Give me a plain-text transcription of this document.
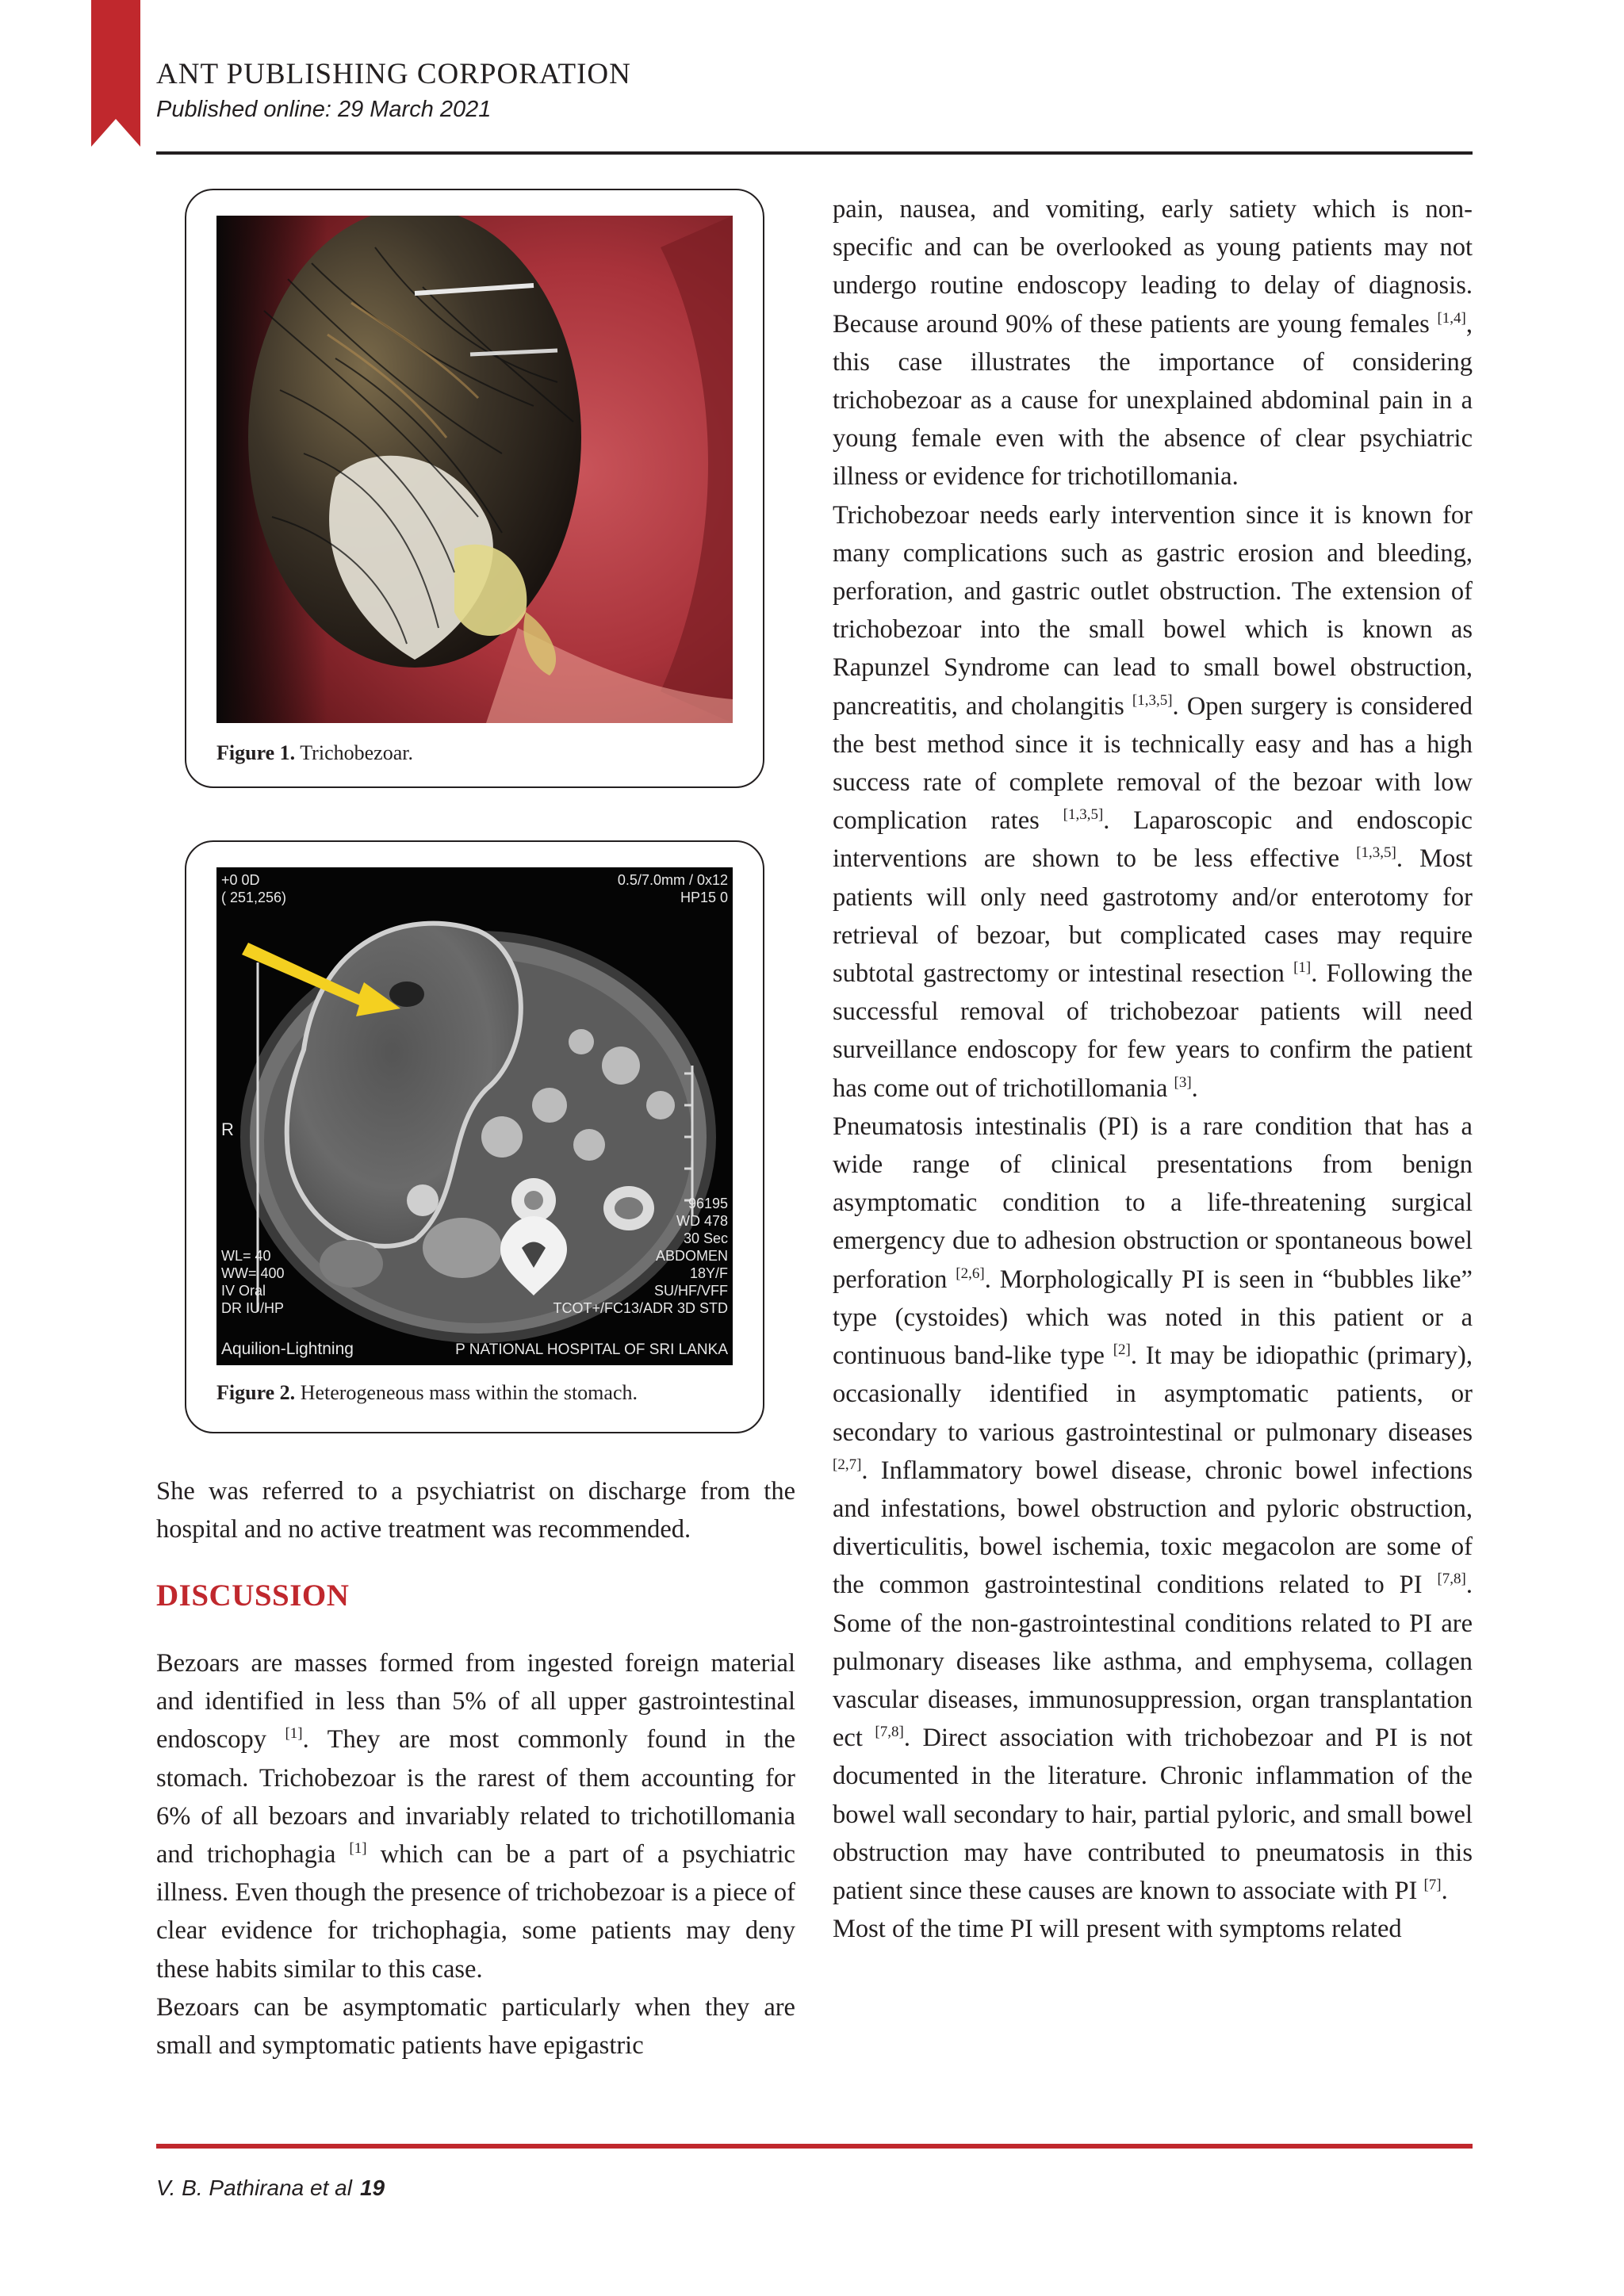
ANT PUBLISHING CORPORATION
Published online: 29 March 2021
Figure 1. Trichobezoar.
+0 0D
( 251,256)
0.5/7.0mm / 0x12
HP15 0
R
WL= 40
WW= 400
IV Oral
DR IU/HP
96195
WD 478
30 Sec
ABDOMEN
18Y/F
SU/HF/VFF
TCOT+/FC13/ADR 3D STD
Aquilion-Lightning	P NATIONAL HOSPITAL OF SRI LANKA
Figure 2. Heterogeneous mass within the stomach.

She was referred to a psychiatrist on discharge from the hospital and no active treatment was recommended.

DISCUSSION

Bezoars are masses formed from ingested foreign material and identified in less than 5% of all upper gastrointestinal endoscopy [1]. They are most commonly found in the stomach. Trichobezoar is the rarest of them accounting for 6% of all bezoars and invariably related to trichotillomania and trichophagia [1] which can be a part of a psychiatric illness. Even though the presence of trichobezoar is a piece of clear evidence for trichophagia, some patients may deny these habits similar to this case.

Bezoars can be asymptomatic particularly when they are small and symptomatic patients have epigastric

pain, nausea, and vomiting, early satiety which is non-specific and can be overlooked as young patients may not undergo routine endoscopy leading to delay of diagnosis. Because around 90% of these patients are young females [1,4], this case illustrates the importance of considering trichobezoar as a cause for unexplained abdominal pain in a young female even with the absence of clear psychiatric illness or evidence for trichotillomania.

Trichobezoar needs early intervention since it is known for many complications such as gastric erosion and bleeding, perforation, and gastric outlet obstruction. The extension of trichobezoar into the small bowel which is known as Rapunzel Syndrome can lead to small bowel obstruction, pancreatitis, and cholangitis [1,3,5]. Open surgery is considered the best method since it is technically easy and has a high success rate of complete removal of the bezoar with low complication rates [1,3,5]. Laparoscopic and endoscopic interventions are shown to be less effective [1,3,5]. Most patients will only need gastrotomy and/or enterotomy for retrieval of bezoar, but complicated cases may require subtotal gastrectomy or intestinal resection [1]. Following the successful removal of trichobezoar patients will need surveillance endoscopy for few years to confirm the patient has come out of trichotillomania [3].

Pneumatosis intestinalis (PI) is a rare condition that has a wide range of clinical presentations from benign asymptomatic condition to a life-threatening surgical emergency due to adhesion obstruction or spontaneous bowel perforation [2,6]. Morphologically PI is seen in “bubbles like” type (cystoides) which was noted in this patient or a continuous band-like type [2]. It may be idiopathic (primary), occasionally identified in asymptomatic patients, or secondary to various gastrointestinal or pulmonary diseases [2,7]. Inflammatory bowel disease, chronic bowel infections and infestations, bowel obstruction and pyloric obstruction, diverticulitis, bowel ischemia, toxic megacolon are some of the common gastrointestinal conditions related to PI [7,8]. Some of the non-gastrointestinal conditions related to PI are pulmonary diseases like asthma, and emphysema, collagen vascular diseases, immunosuppression, organ transplantation ect [7,8]. Direct association with trichobezoar and PI is not documented in the literature. Chronic inflammation of the bowel wall secondary to hair, partial pyloric, and small bowel obstruction may have contributed to pneumatosis in this patient since these causes are known to associate with PI [7].

Most of the time PI will present with symptoms related

V. B. Pathirana et al 19
